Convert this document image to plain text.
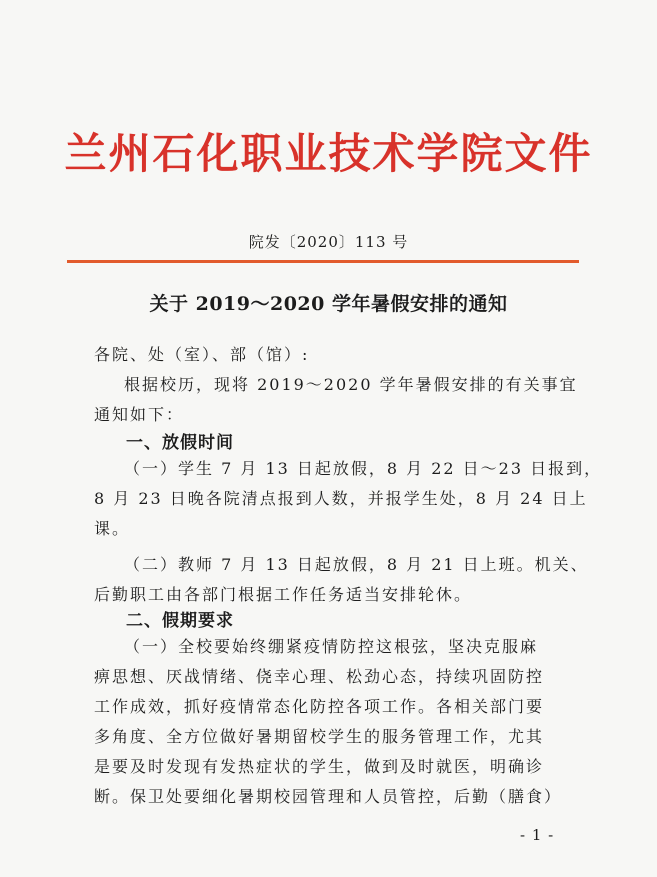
兰州石化职业技术学院文件
院发〔2020〕113 号
关于 2019～2020 学年暑假安排的通知
各院、处（室）、部（馆）:
根据校历，现将 2019～2020 学年暑假安排的有关事宜
通知如下：
一、放假时间
（一）学生 7 月 13 日起放假，8 月 22 日～23 日报到，
8 月 23 日晚各院清点报到人数，并报学生处，8 月 24 日上
课。
（二）教师 7 月 13 日起放假，8 月 21 日上班。机关、
后勤职工由各部门根据工作任务适当安排轮休。
二、假期要求
（一）全校要始终绷紧疫情防控这根弦，坚决克服麻
痹思想、厌战情绪、侥幸心理、松劲心态，持续巩固防控
工作成效，抓好疫情常态化防控各项工作。各相关部门要
多角度、全方位做好暑期留校学生的服务管理工作，尤其
是要及时发现有发热症状的学生，做到及时就医，明确诊
断。保卫处要细化暑期校园管理和人员管控，后勤（膳食）
- 1 -
